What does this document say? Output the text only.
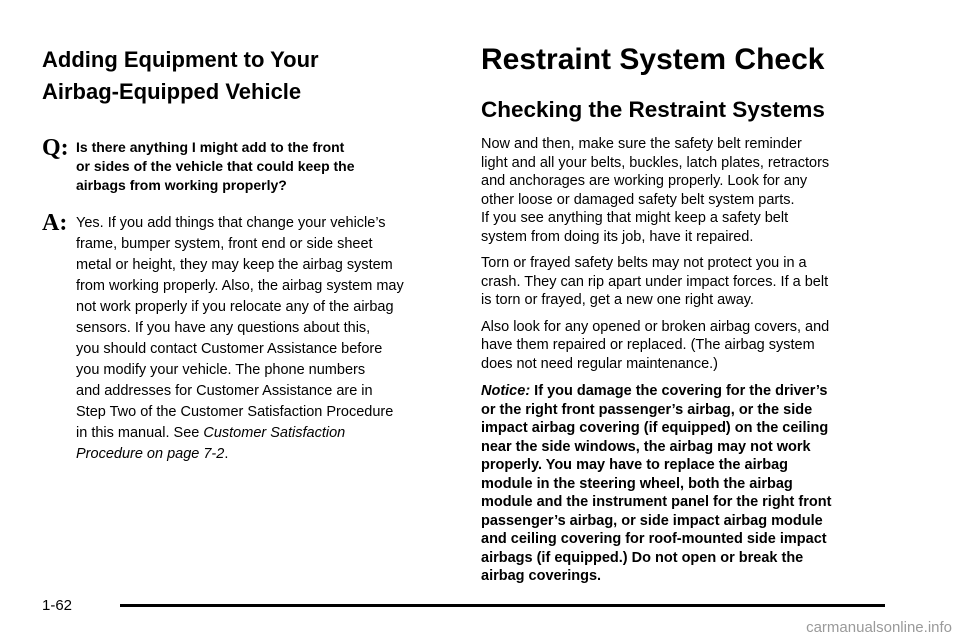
Adding Equipment to Your
Airbag-Equipped Vehicle
Q: Is there anything I might add to the front
or sides of the vehicle that could keep the
airbags from working properly?
A: Yes. If you add things that change your vehicle’s
frame, bumper system, front end or side sheet
metal or height, they may keep the airbag system
from working properly. Also, the airbag system may
not work properly if you relocate any of the airbag
sensors. If you have any questions about this,
you should contact Customer Assistance before
you modify your vehicle. The phone numbers
and addresses for Customer Assistance are in
Step Two of the Customer Satisfaction Procedure
in this manual. See Customer Satisfaction
Procedure on page 7-2.
Restraint System Check
Checking the Restraint Systems

Now and then, make sure the safety belt reminder
light and all your belts, buckles, latch plates, retractors
and anchorages are working properly. Look for any
other loose or damaged safety belt system parts.
If you see anything that might keep a safety belt
system from doing its job, have it repaired.

Torn or frayed safety belts may not protect you in a
crash. They can rip apart under impact forces. If a belt
is torn or frayed, get a new one right away.

Also look for any opened or broken airbag covers, and
have them repaired or replaced. (The airbag system
does not need regular maintenance.)

Notice: If you damage the covering for the driver’s
or the right front passenger’s airbag, or the side
impact airbag covering (if equipped) on the ceiling
near the side windows, the airbag may not work
properly. You may have to replace the airbag
module in the steering wheel, both the airbag
module and the instrument panel for the right front
passenger’s airbag, or side impact airbag module
and ceiling covering for roof-mounted side impact
airbags (if equipped.) Do not open or break the
airbag coverings.

1-62
carmanualsonline.info
